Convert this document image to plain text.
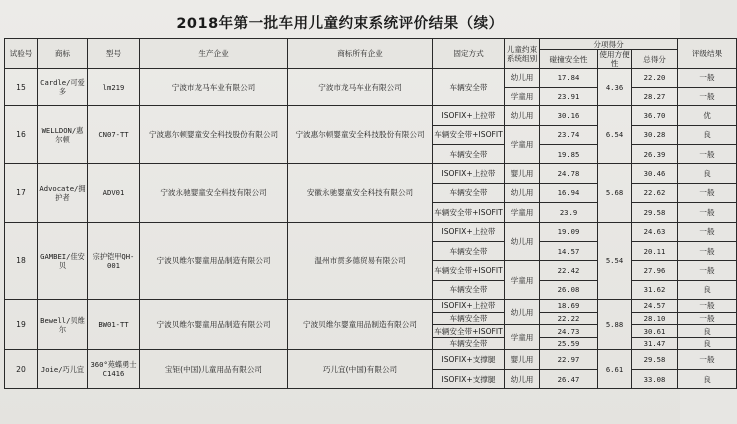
2018年第一批车用儿童约束系统评价结果（续）
试验号	商标	型号	生产企业	商标所有企业	固定方式	儿童约束系统组别	分项得分			评级结果
							碰撞安全性	使用方便性	总得分	
15	Cardle/可爱多	lm219	宁波市龙马车业有限公司	宁波市龙马车业有限公司	车辆安全带	幼儿用	17.84	4.36	22.20	一般
						学童用	23.91		28.27	一般
16	WELLDON/惠尔顿	CN07-TT	宁波惠尔顿婴童安全科技股份有限公司	宁波惠尔顿婴童安全科技股份有限公司	ISOFIX+上拉带	幼儿用	30.16	6.54	36.70	优
					车辆安全带+ISOFIT	学童用	23.74		30.28	良
					车辆安全带		19.85		26.39	一般
17	Advocate/拥护者	ADV01	宁波永驰婴童安全科技有限公司	安徽永驰婴童安全科技有限公司	ISOFIX+上拉带	婴儿用	24.78	5.68	30.46	良
					车辆安全带	幼儿用	16.94		22.62	一般
					车辆安全带+ISOFIT	学童用	23.9		29.58	一般
18	GAMBEI/佳安贝	宗护铠甲QH-001	宁波贝维尔婴童用品制造有限公司	温州市贯多德贸易有限公司	ISOFIX+上拉带	幼儿用	19.09	5.54	24.63	一般
					车辆安全带		14.57		20.11	一般
					车辆安全带+ISOFIT	学童用	22.42		27.96	一般
					车辆安全带		26.08		31.62	良
19	Bewell/贝维尔	BW01-TT	宁波贝维尔婴童用品制造有限公司	宁波贝维尔婴童用品制造有限公司	ISOFIX+上拉带	幼儿用	18.69	5.88	24.57	一般
					车辆安全带		22.22		28.10	一般
					车辆安全带+ISOFIT	学童用	24.73		30.61	良
					车辆安全带		25.59		31.47	良
20	Joie/巧儿宜	360°苑蝶勇士C1416	宝钜(中国)儿童用品有限公司	巧儿宜(中国)有限公司	ISOFIX+支撑腿	婴儿用	22.97	6.61	29.58	一般
					ISOFIX+支撑腿	幼儿用	26.47		33.08	良
